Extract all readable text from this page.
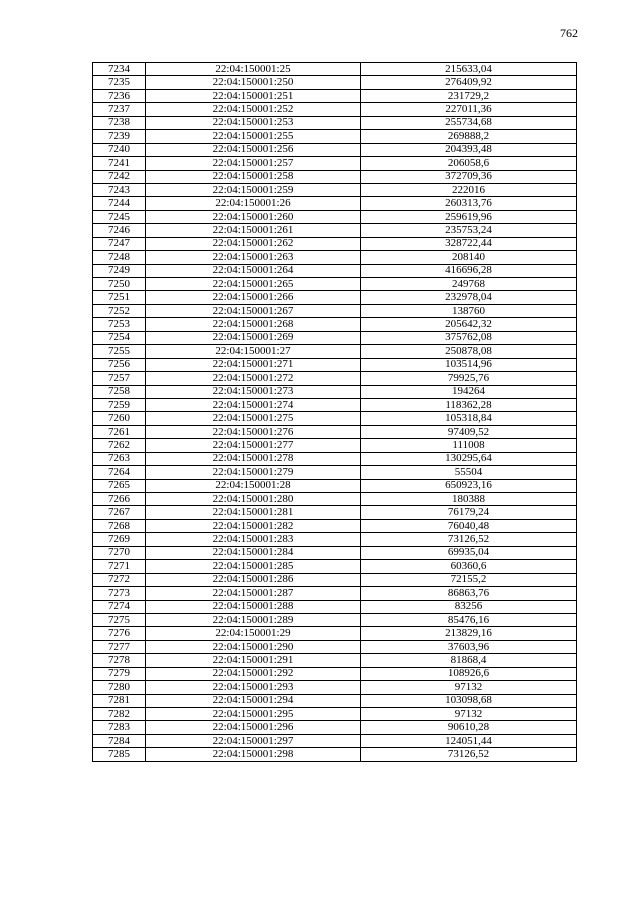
762
7234	22:04:150001:25	215633,04
7235	22:04:150001:250	276409,92
7236	22:04:150001:251	231729,2
7237	22:04:150001:252	227011,36
7238	22:04:150001:253	255734,68
7239	22:04:150001:255	269888,2
7240	22:04:150001:256	204393,48
7241	22:04:150001:257	206058,6
7242	22:04:150001:258	372709,36
7243	22:04:150001:259	222016
7244	22:04:150001:26	260313,76
7245	22:04:150001:260	259619,96
7246	22:04:150001:261	235753,24
7247	22:04:150001:262	328722,44
7248	22:04:150001:263	208140
7249	22:04:150001:264	416696,28
7250	22:04:150001:265	249768
7251	22:04:150001:266	232978,04
7252	22:04:150001:267	138760
7253	22:04:150001:268	205642,32
7254	22:04:150001:269	375762,08
7255	22:04:150001:27	250878,08
7256	22:04:150001:271	103514,96
7257	22:04:150001:272	79925,76
7258	22:04:150001:273	194264
7259	22:04:150001:274	118362,28
7260	22:04:150001:275	105318,84
7261	22:04:150001:276	97409,52
7262	22:04:150001:277	111008
7263	22:04:150001:278	130295,64
7264	22:04:150001:279	55504
7265	22:04:150001:28	650923,16
7266	22:04:150001:280	180388
7267	22:04:150001:281	76179,24
7268	22:04:150001:282	76040,48
7269	22:04:150001:283	73126,52
7270	22:04:150001:284	69935,04
7271	22:04:150001:285	60360,6
7272	22:04:150001:286	72155,2
7273	22:04:150001:287	86863,76
7274	22:04:150001:288	83256
7275	22:04:150001:289	85476,16
7276	22:04:150001:29	213829,16
7277	22:04:150001:290	37603,96
7278	22:04:150001:291	81868,4
7279	22:04:150001:292	108926,6
7280	22:04:150001:293	97132
7281	22:04:150001:294	103098,68
7282	22:04:150001:295	97132
7283	22:04:150001:296	90610,28
7284	22:04:150001:297	124051,44
7285	22:04:150001:298	73126,52
